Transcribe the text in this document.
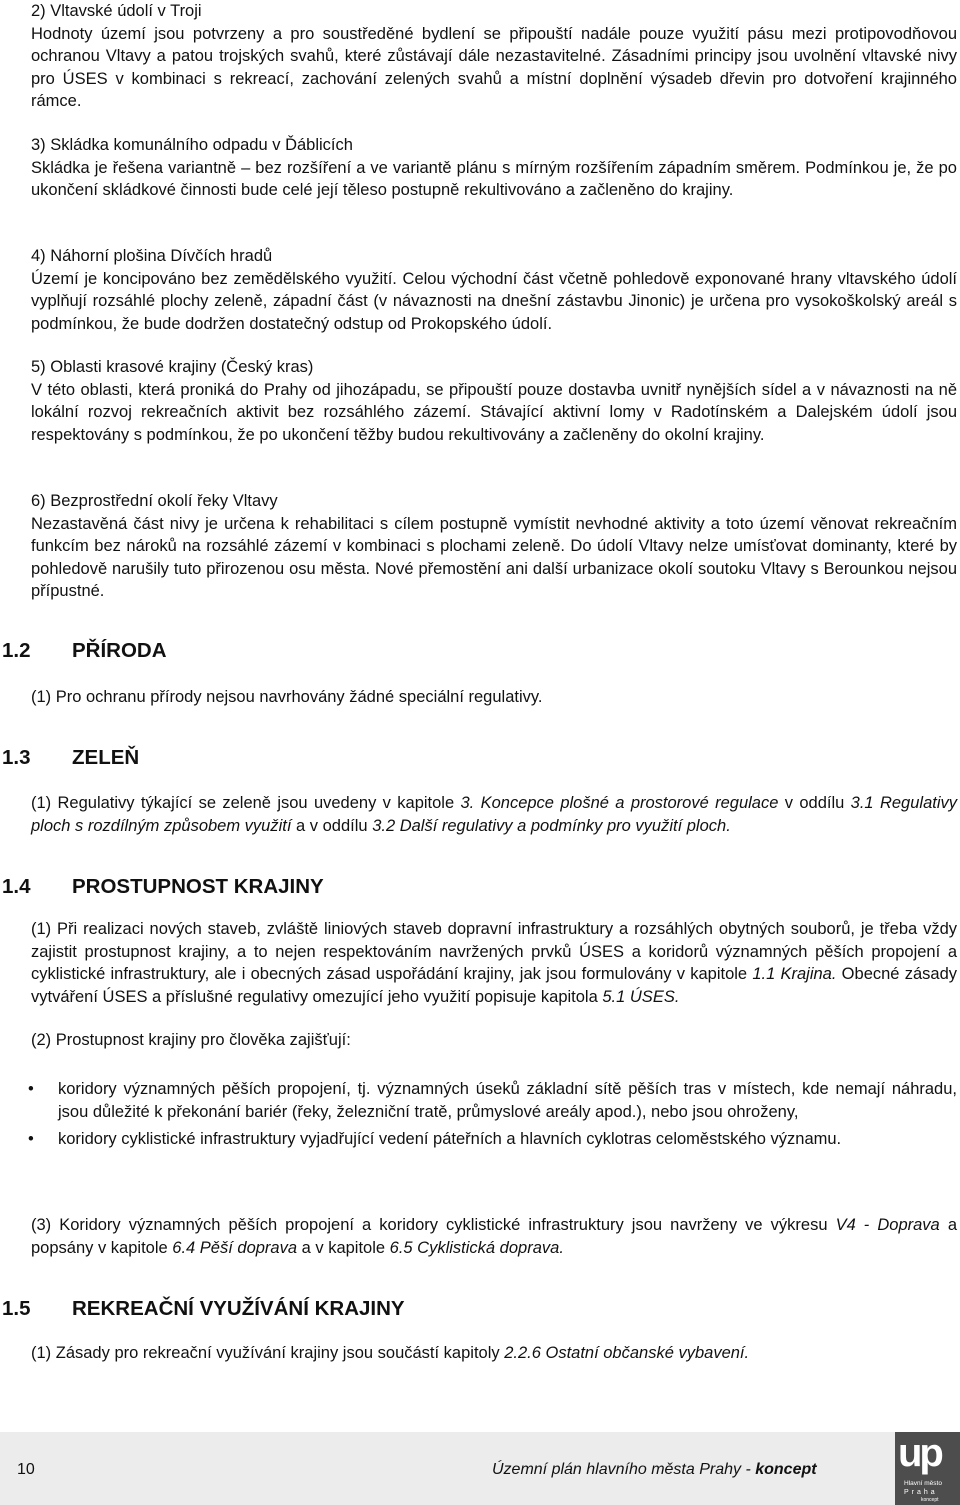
2) Vltavské údolí v Troji

Hodnoty území jsou potvrzeny a pro soustředěné bydlení se připouští nadále pouze využití pásu mezi protipovodňovou ochranou Vltavy a patou trojských svahů, které zůstávají dále nezastavitelné. Zásadními principy jsou uvolnění vltavské nivy pro ÚSES v kombinaci s rekreací, zachování zelených svahů a místní doplnění výsadeb dřevin pro dotvoření krajinného rámce.

3) Skládka komunálního odpadu v Ďáblicích

Skládka je řešena variantně – bez rozšíření a ve variantě plánu s mírným rozšířením západním směrem. Podmínkou je, že po ukončení skládkové činnosti bude celé její těleso postupně rekultivováno a začleněno do krajiny.

4) Náhorní plošina Dívčích hradů

Území je koncipováno bez zemědělského využití. Celou východní část včetně pohledově exponované hrany vltavského údolí vyplňují rozsáhlé plochy zeleně, západní část (v návaznosti na dnešní zástavbu Jinonic) je určena pro vysokoškolský areál s podmínkou, že bude dodržen dostatečný odstup od Prokopského údolí.

5) Oblasti krasové krajiny (Český kras)

V této oblasti, která proniká do Prahy od jihozápadu, se připouští pouze dostavba uvnitř nynějších sídel a v návaznosti na ně lokální rozvoj rekreačních aktivit bez rozsáhlého zázemí. Stávající aktivní lomy v Radotínském a Dalejském údolí jsou respektovány s podmínkou, že po ukončení těžby budou rekultivovány a začleněny do okolní krajiny.

6) Bezprostřední okolí řeky Vltavy

Nezastavěná část nivy je určena k rehabilitaci s cílem postupně vymístit nevhodné aktivity a toto území věnovat rekreačním funkcím bez nároků na rozsáhlé zázemí v kombinaci s plochami zeleně. Do údolí Vltavy nelze umísťovat dominanty, které by pohledově narušily tuto přirozenou osu města. Nové přemostění ani další urbanizace okolí soutoku Vltavy s Berounkou nejsou přípustné.

1.2 PŘÍRODA

(1) Pro ochranu přírody nejsou navrhovány žádné speciální regulativy.

1.3 ZELEŇ

(1) Regulativy týkající se zeleně jsou uvedeny v kapitole 3. Koncepce plošné a prostorové regulace v oddílu 3.1 Regulativy ploch s rozdílným způsobem využití a v oddílu 3.2 Další regulativy a podmínky pro využití ploch.

1.4 PROSTUPNOST KRAJINY

(1) Při realizaci nových staveb, zvláště liniových staveb dopravní infrastruktury a rozsáhlých obytných souborů, je třeba vždy zajistit prostupnost krajiny, a to nejen respektováním navržených prvků ÚSES a koridorů významných pěších propojení a cyklistické infrastruktury, ale i obecných zásad uspořádání krajiny, jak jsou formulovány v kapitole 1.1 Krajina. Obecné zásady vytváření ÚSES a příslušné regulativy omezující jeho využití popisuje kapitola 5.1 ÚSES.

(2) Prostupnost krajiny pro člověka zajišťují:

• koridory významných pěších propojení, tj. významných úseků základní sítě pěších tras v místech, kde nemají náhradu, jsou důležité k překonání bariér (řeky, železniční tratě, průmyslové areály apod.), nebo jsou ohroženy,
• koridory cyklistické infrastruktury vyjadřující vedení páteřních a hlavních cyklotras celoměstského významu.

(3) Koridory významných pěších propojení a koridory cyklistické infrastruktury jsou navrženy ve výkresu V4 - Doprava a popsány v kapitole 6.4 Pěší doprava a v kapitole 6.5 Cyklistická doprava.

1.5 REKREAČNÍ VYUŽÍVÁNÍ KRAJINY

(1) Zásady pro rekreační využívání krajiny jsou součástí kapitoly 2.2.6 Ostatní občanské vybavení.

10	Územní plán hlavního města Prahy - koncept up
Hlavní město
Praha
koncept
